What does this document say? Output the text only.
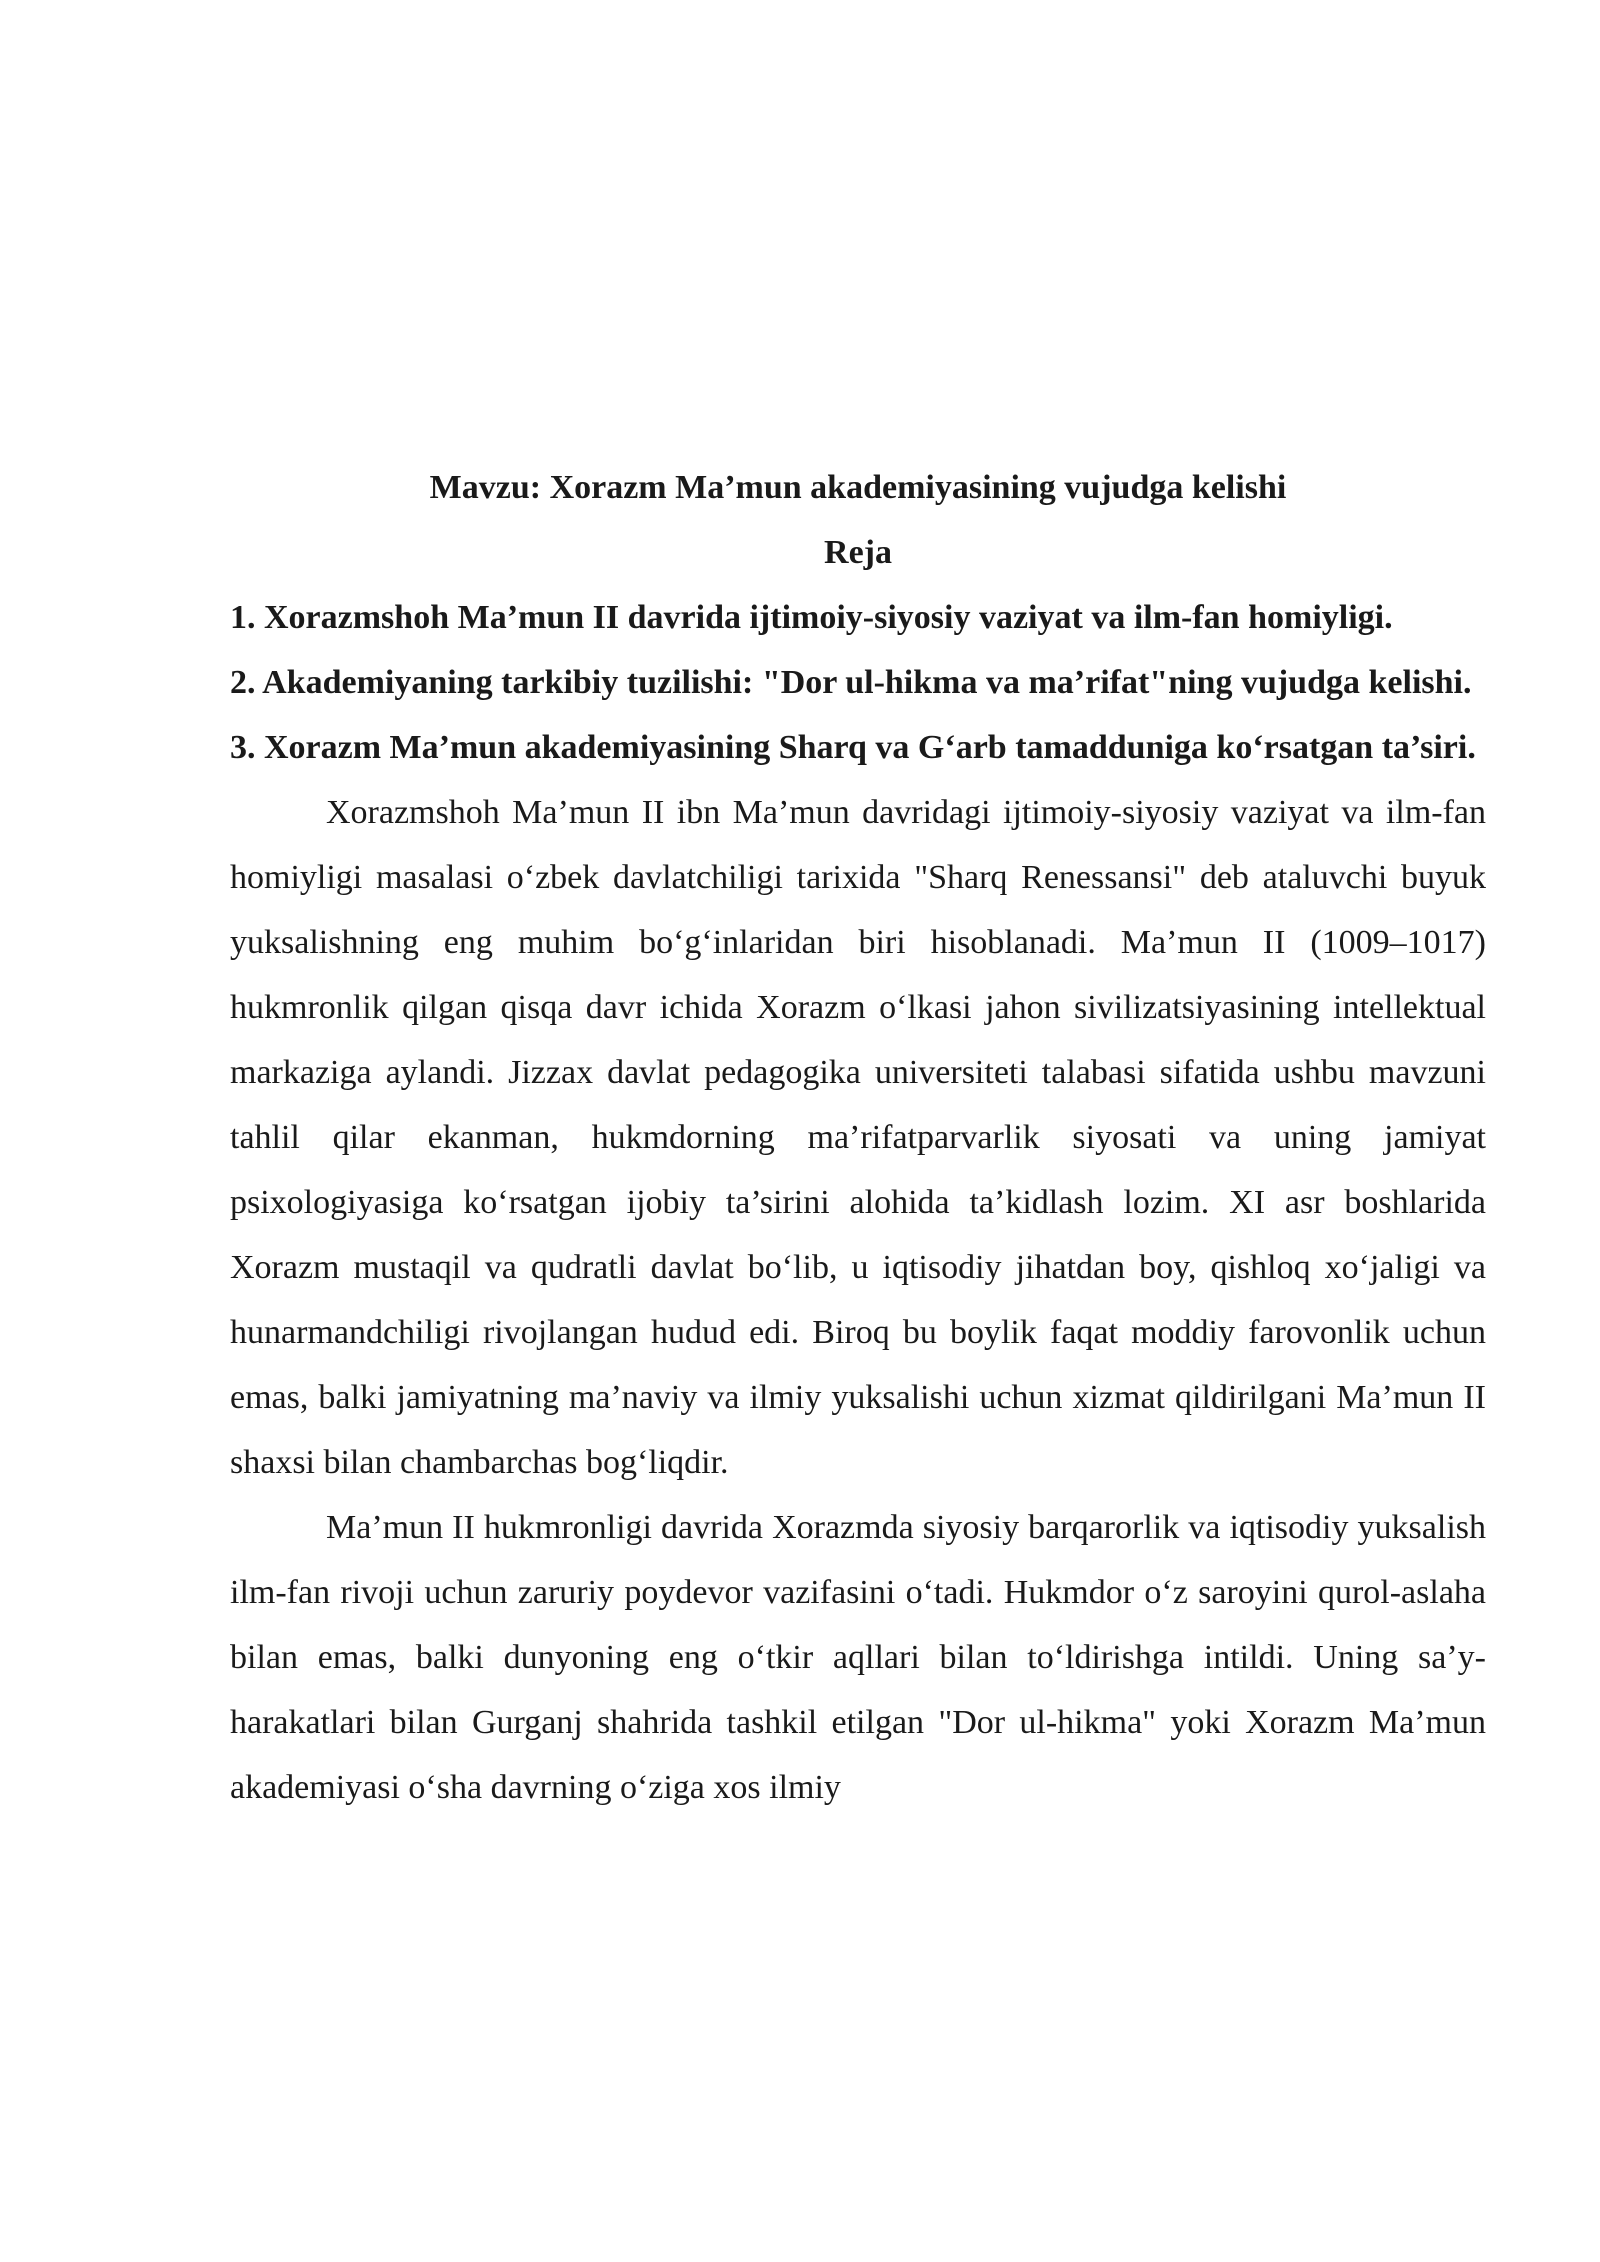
Mavzu: Xorazm Ma’mun akademiyasining vujudga kelishi

Reja

1. Xorazmshoh Ma’mun II davrida ijtimoiy-siyosiy vaziyat va ilm-fan homiyligi.

2. Akademiyaning tarkibiy tuzilishi: "Dor ul-hikma va ma’rifat"ning vujudga kelishi.

3. Xorazm Ma’mun akademiyasining Sharq va G‘arb tamadduniga ko‘rsatgan ta’siri.

Xorazmshoh Ma’mun II ibn Ma’mun davridagi ijtimoiy-siyosiy vaziyat va ilm-fan homiyligi masalasi o‘zbek davlatchiligi tarixida "Sharq Renessansi" deb ataluvchi buyuk yuksalishning eng muhim bo‘g‘inlaridan biri hisoblanadi. Ma’mun II (1009–1017) hukmronlik qilgan qisqa davr ichida Xorazm o‘lkasi jahon sivilizatsiyasining intellektual markaziga aylandi. Jizzax davlat pedagogika universiteti talabasi sifatida ushbu mavzuni tahlil qilar ekanman, hukmdorning ma’rifatparvarlik siyosati va uning jamiyat psixologiyasiga ko‘rsatgan ijobiy ta’sirini alohida ta’kidlash lozim. XI asr boshlarida Xorazm mustaqil va qudratli davlat bo‘lib, u iqtisodiy jihatdan boy, qishloq xo‘jaligi va hunarmandchiligi rivojlangan hudud edi. Biroq bu boylik faqat moddiy farovonlik uchun emas, balki jamiyatning ma’naviy va ilmiy yuksalishi uchun xizmat qildirilgani Ma’mun II shaxsi bilan chambarchas bog‘liqdir.

Ma’mun II hukmronligi davrida Xorazmda siyosiy barqarorlik va iqtisodiy yuksalish ilm-fan rivoji uchun zaruriy poydevor vazifasini o‘tadi. Hukmdor o‘z saroyini qurol-aslaha bilan emas, balki dunyoning eng o‘tkir aqllari bilan to‘ldirishga intildi. Uning sa’y-harakatlari bilan Gurganj shahrida tashkil etilgan "Dor ul-hikma" yoki Xorazm Ma’mun akademiyasi o‘sha davrning o‘ziga xos ilmiy
